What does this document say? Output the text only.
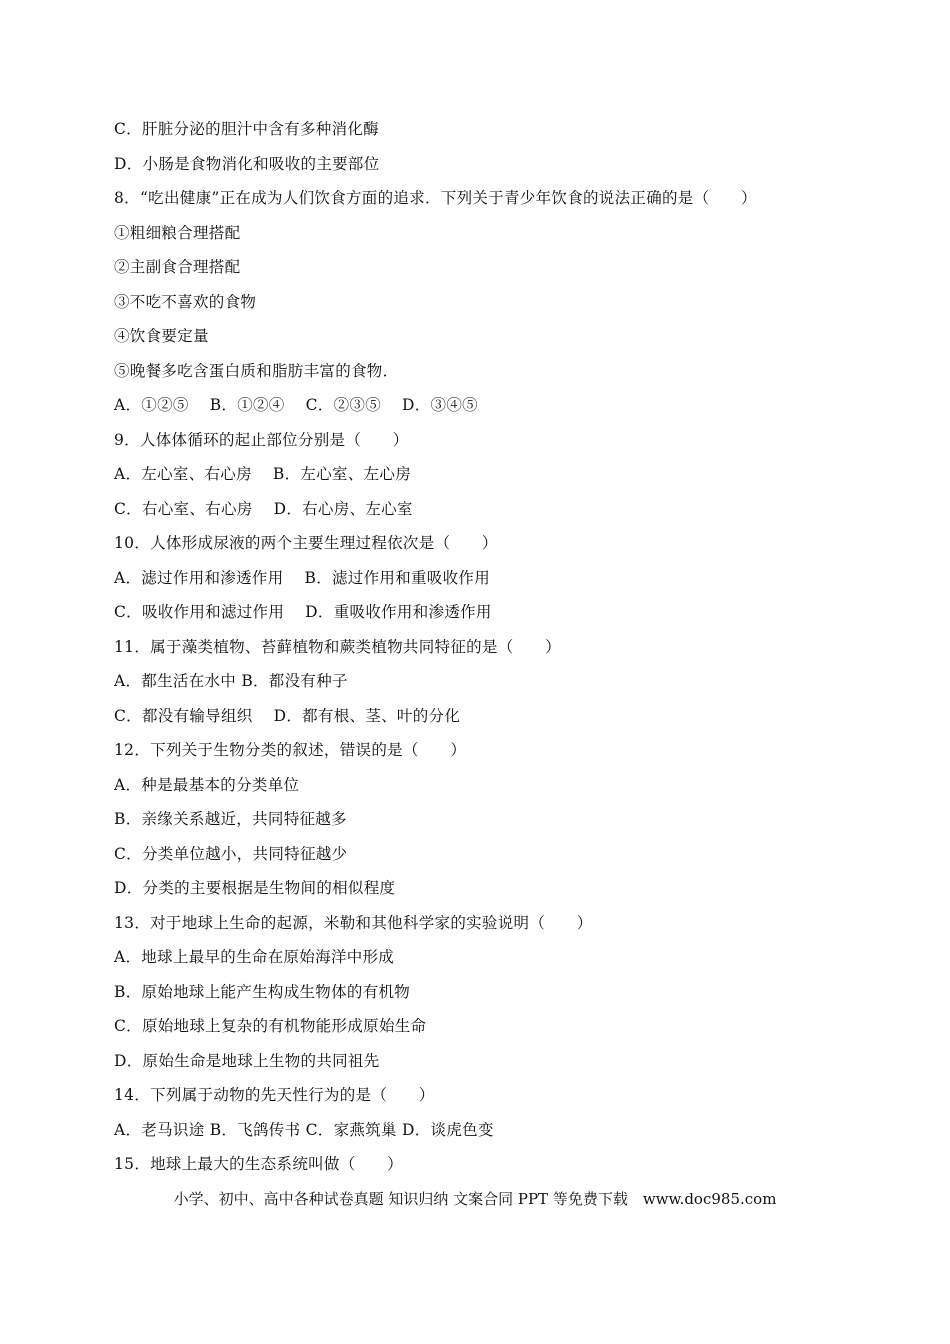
C．肝脏分泌的胆汁中含有多种消化酶
D．小肠是食物消化和吸收的主要部位
8．“吃出健康”正在成为人们饮食方面的追求．下列关于青少年饮食的说法正确的是（　　）
①粗细粮合理搭配
②主副食合理搭配
③不吃不喜欢的食物
④饮食要定量
⑤晚餐多吃含蛋白质和脂肪丰富的食物．
A．①②⑤　 B．①②④　 C．②③⑤　 D．③④⑤
9．人体体循环的起止部位分别是（　　）
A．左心室、右心房　 B．左心室、左心房
C．右心室、右心房　 D．右心房、左心室
10．人体形成尿液的两个主要生理过程依次是（　　）
A．滤过作用和渗透作用　 B．滤过作用和重吸收作用
C．吸收作用和滤过作用　 D．重吸收作用和渗透作用
11．属于藻类植物、苔藓植物和蕨类植物共同特征的是（　　）
A．都生活在水中 B．都没有种子
C．都没有输导组织　 D．都有根、茎、叶的分化
12．下列关于生物分类的叙述，错误的是（　　）
A．种是最基本的分类单位
B．亲缘关系越近，共同特征越多
C．分类单位越小，共同特征越少
D．分类的主要根据是生物间的相似程度
13．对于地球上生命的起源，米勒和其他科学家的实验说明（　　）
A．地球上最早的生命在原始海洋中形成
B．原始地球上能产生构成生物体的有机物
C．原始地球上复杂的有机物能形成原始生命
D．原始生命是地球上生物的共同祖先
14．下列属于动物的先天性行为的是（　　）
A．老马识途 B．飞鸽传书 C．家燕筑巢 D．谈虎色变
15．地球上最大的生态系统叫做（　　）
小学、初中、高中各种试卷真题 知识归纳 文案合同 PPT 等免费下载　www.doc985.com
